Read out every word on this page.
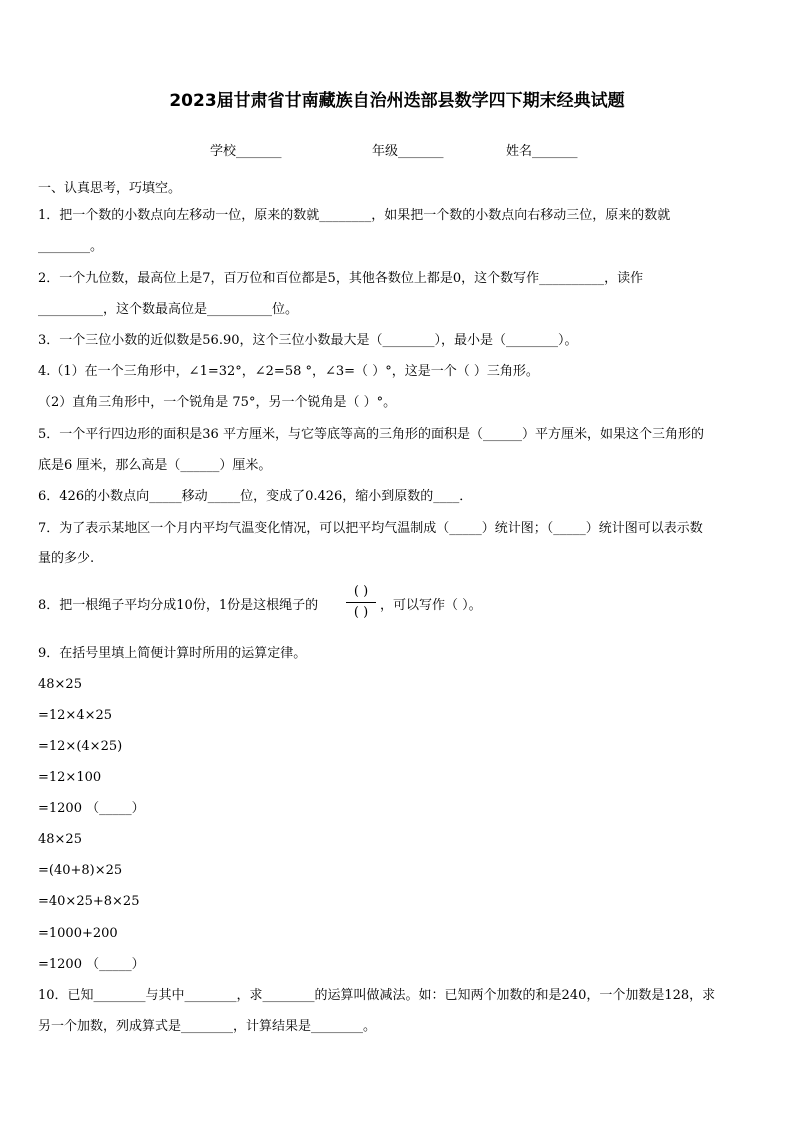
2023届甘肃省甘南藏族自治州迭部县数学四下期末经典试题
学校_______	年级_______	姓名_______
一、认真思考，巧填空。
1．把一个数的小数点向左移动一位，原来的数就________，如果把一个数的小数点向右移动三位，原来的数就
________。
2．一个九位数，最高位上是7，百万位和百位都是5，其他各数位上都是0，这个数写作__________，读作
__________，这个数最高位是__________位。
3．一个三位小数的近似数是56.90，这个三位小数最大是（________），最小是（________）。
4.（1）在一个三角形中，∠1=32°，∠2=58 °，∠3=（ ）°，这是一个（ ）三角形。
（2）直角三角形中，一个锐角是 75°，另一个锐角是（ ）°。
5．一个平行四边形的面积是36 平方厘米，与它等底等高的三角形的面积是（______）平方厘米，如果这个三角形的
底是6 厘米，那么高是（______）厘米。
6．426的小数点向_____移动_____位，变成了0.426，缩小到原数的____．
7．为了表示某地区一个月内平均气温变化情况，可以把平均气温制成（_____）统计图；（_____）统计图可以表示数
量的多少.
8．把一根绳子平均分成10份，1份是这根绳子的
( )
( ) ，可以写作（ ）。
9．在括号里填上简便计算时所用的运算定律。
48×25
=12×4×25
=12×(4×25)
=12×100
=1200 （_____）
48×25
=(40+8)×25
=40×25+8×25
=1000+200
=1200 （_____）
10．已知________与其中________，求________的运算叫做减法。如：已知两个加数的和是240，一个加数是128，求
另一个加数，列成算式是________，计算结果是________。
